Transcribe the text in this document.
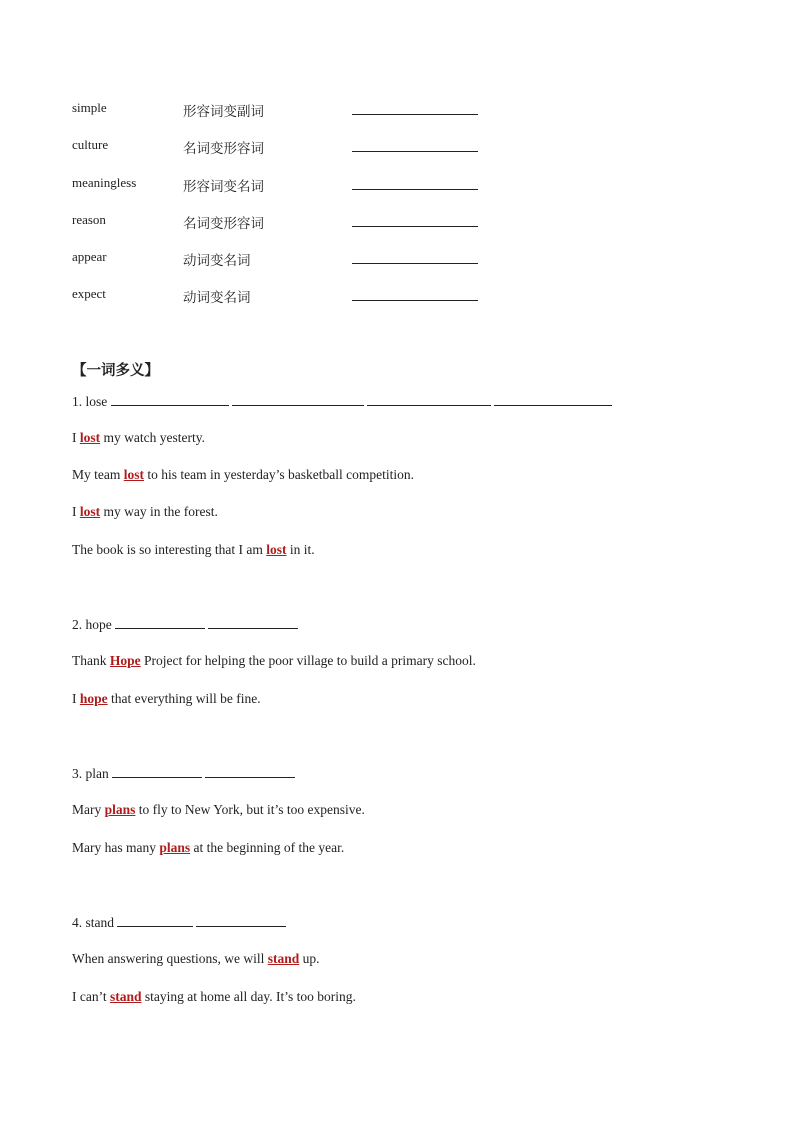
simple	形容词变副词
culture	名词变形容词
meaningless	形容词变名词
reason	名词变形容词
appear	动词变名词
expect	动词变名词
【一词多义】
1. lose
I lost my watch yesterty.
My team lost to his team in yesterday’s basketball competition.
I lost my way in the forest.
The book is so interesting that I am lost in it.
2. hope
Thank Hope Project for helping the poor village to build a primary school.
I hope that everything will be fine.
3. plan
Mary plans to fly to New York, but it’s too expensive.
Mary has many plans at the beginning of the year.
4. stand
When answering questions, we will stand up.
I can’t stand staying at home all day. It’s too boring.
